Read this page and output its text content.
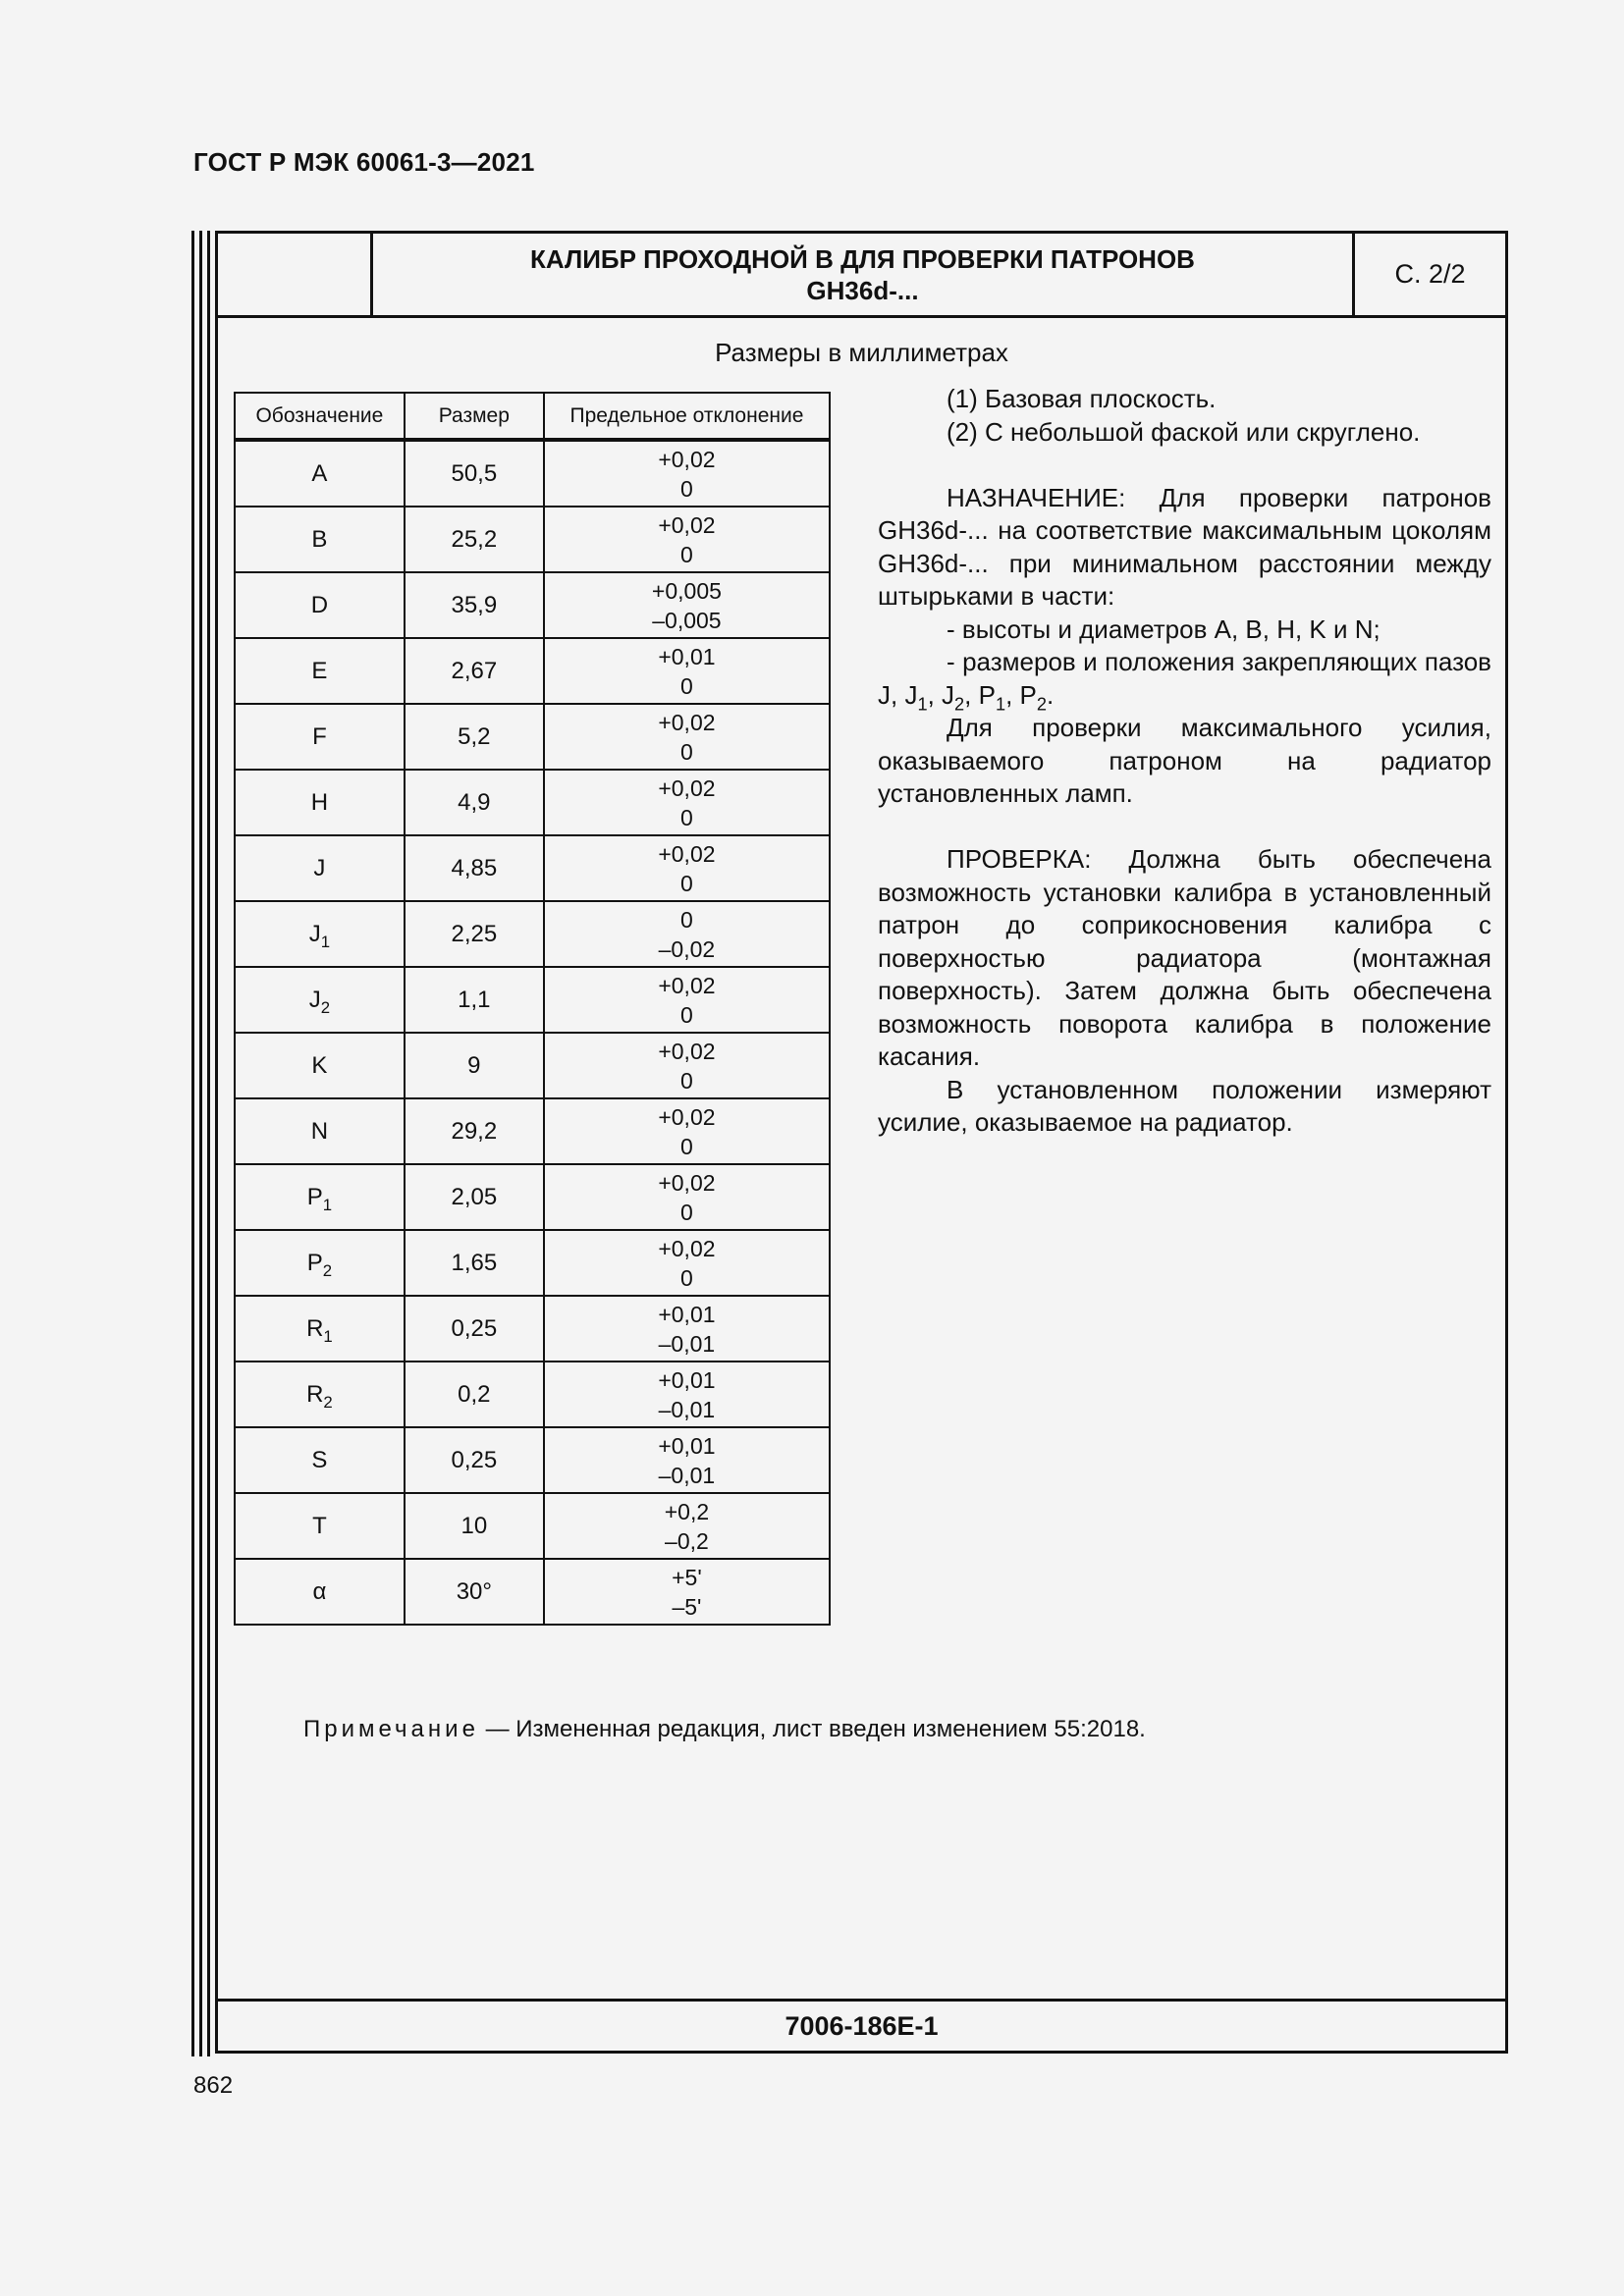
ГОСТ Р МЭК 60061-3—2021
КАЛИБР ПРОХОДНОЙ В ДЛЯ ПРОВЕРКИ ПАТРОНОВ
GH36d-...
С. 2/2
Размеры в миллиметрах
Обозначение	Размер	Предельное отклонение
A	50,5	+0,02
0

B	25,2	+0,02
0

D	35,9	+0,005
–0,005

E	2,67	+0,01
0

F	5,2	+0,02
0

H	4,9	+0,02
0

J	4,85	+0,02
0

$J_1$	2,25	0
–0,02

$J_2$	1,1	+0,02
0

K	9	+0,02
0

N	29,2	+0,02
0

$P_1$	2,05	+0,02
0

$P_2$	1,65	+0,02
0

$R_1$	0,25	+0,01
–0,01

$R_2$	0,2	+0,01
–0,01

S	0,25	+0,01
–0,01

T	10	+0,2
–0,2

α	30°	+5'
–5'

(1) Базовая плоскость.

(2) С небольшой фаской или скруглено.

НАЗНАЧЕНИЕ: Для проверки патронов GH36d-... на соответствие максимальным цоколям GH36d-... при минимальном расстоянии между штырьками в части:

- высоты и диаметров A, B, H, K и N;

- размеров и положения закрепляющих пазов J, $J_1$, $J_2$, $P_1$, $P_2$.

Для проверки максимального усилия, оказываемого патроном на радиатор установленных ламп.

ПРОВЕРКА: Должна быть обеспечена возможность установки калибра в установленный патрон до соприкосновения калибра с поверхностью радиатора (монтажная поверхность). Затем должна быть обеспечена возможность поворота калибра в положение касания.

В установленном положении измеряют усилие, оказываемое на радиатор.

Примечание — Измененная редакция, лист введен изменением 55:2018.
7006-186E-1
862
